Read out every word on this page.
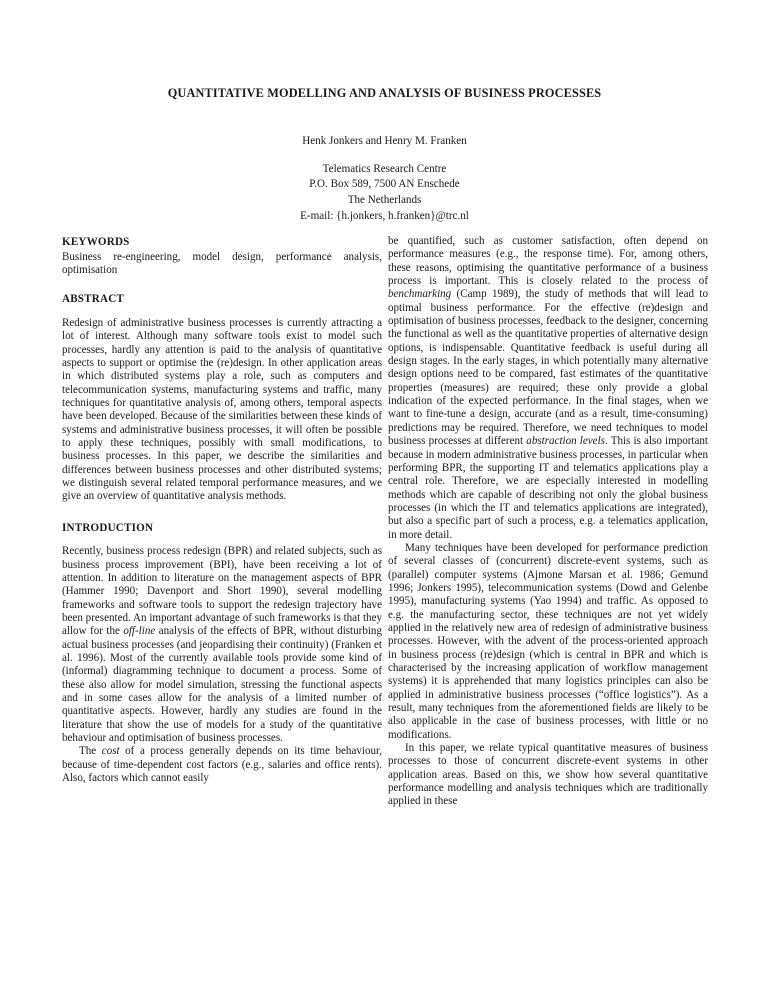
QUANTITATIVE MODELLING AND ANALYSIS OF BUSINESS PROCESSES

Henk Jonkers and Henry M. Franken

Telematics Research Centre
P.O. Box 589, 7500 AN Enschede
The Netherlands
E-mail: {h.jonkers, h.franken}@trc.nl
KEYWORDS

Business re-engineering, model design, performance analysis, optimisation

ABSTRACT

Redesign of administrative business processes is currently attracting a lot of interest. Although many software tools exist to model such processes, hardly any attention is paid to the analysis of quantitative aspects to support or optimise the (re)design. In other application areas in which distributed systems play a role, such as computers and telecommunication systems, manufacturing systems and traffic, many techniques for quantitative analysis of, among others, temporal aspects have been developed. Because of the similarities between these kinds of systems and administrative business processes, it will often be possible to apply these techniques, possibly with small modifications, to business processes. In this paper, we describe the similarities and differences between business processes and other distributed systems; we distinguish several related temporal performance measures, and we give an overview of quantitative analysis methods.

INTRODUCTION

Recently, business process redesign (BPR) and related subjects, such as business process improvement (BPI), have been receiving a lot of attention. In addition to literature on the management aspects of BPR (Hammer 1990; Davenport and Short 1990), several modelling frameworks and software tools to support the redesign trajectory have been presented. An important advantage of such frameworks is that they allow for the off-line analysis of the effects of BPR, without disturbing actual business processes (and jeopardising their continuity) (Franken et al. 1996). Most of the currently available tools provide some kind of (informal) diagramming technique to document a process. Some of these also allow for model simulation, stressing the functional aspects and in some cases allow for the analysis of a limited number of quantitative aspects. However, hardly any studies are found in the literature that show the use of models for a study of the quantitative behaviour and optimisation of business processes.

The cost of a process generally depends on its time behaviour, because of time-dependent cost factors (e.g., salaries and office rents). Also, factors which cannot easily

be quantified, such as customer satisfaction, often depend on performance measures (e.g., the response time). For, among others, these reasons, optimising the quantitative performance of a business process is important. This is closely related to the process of benchmarking (Camp 1989), the study of methods that will lead to optimal business performance. For the effective (re)design and optimisation of business processes, feedback to the designer, concerning the functional as well as the quantitative properties of alternative design options, is indispensable. Quantitative feedback is useful during all design stages. In the early stages, in which potentially many alternative design options need to be compared, fast estimates of the quantitative properties (measures) are required; these only provide a global indication of the expected performance. In the final stages, when we want to fine-tune a design, accurate (and as a result, time-consuming) predictions may be required. Therefore, we need techniques to model business processes at different abstraction levels. This is also important because in modern administrative business processes, in particular when performing BPR, the supporting IT and telematics applications play a central role. Therefore, we are especially interested in modelling methods which are capable of describing not only the global business processes (in which the IT and telematics applications are integrated), but also a specific part of such a process, e.g. a telematics application, in more detail.

Many techniques have been developed for performance prediction of several classes of (concurrent) discrete-event systems, such as (parallel) computer systems (Ajmone Marsan et al. 1986; Gemund 1996; Jonkers 1995), telecommunication systems (Dowd and Gelenbe 1995), manufacturing systems (Yao 1994) and traffic. As opposed to e.g. the manufacturing sector, these techniques are not yet widely applied in the relatively new area of redesign of administrative business processes. However, with the advent of the process-oriented approach in business process (re)design (which is central in BPR and which is characterised by the increasing application of workflow management systems) it is apprehended that many logistics principles can also be applied in administrative business processes (“office logistics”). As a result, many techniques from the aforementioned fields are likely to be also applicable in the case of business processes, with little or no modifications.

In this paper, we relate typical quantitative measures of business processes to those of concurrent discrete-event systems in other application areas. Based on this, we show how several quantitative performance modelling and analysis techniques which are traditionally applied in these
